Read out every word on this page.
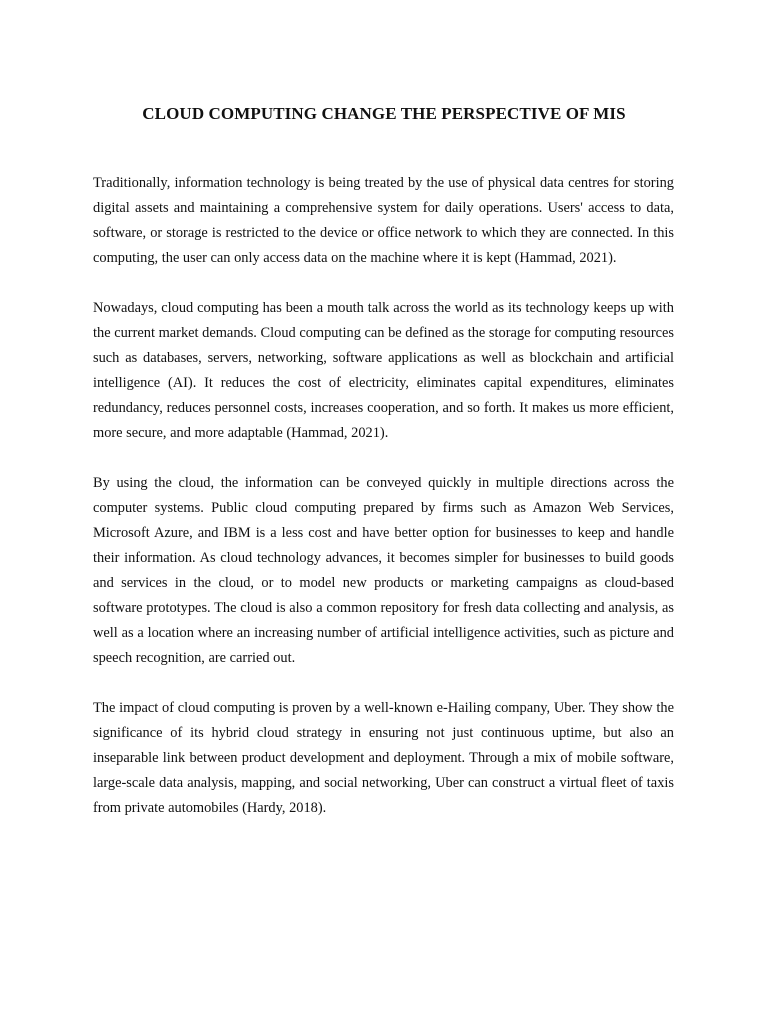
CLOUD COMPUTING CHANGE THE PERSPECTIVE OF MIS

Traditionally, information technology is being treated by the use of physical data centres for storing digital assets and maintaining a comprehensive system for daily operations. Users' access to data, software, or storage is restricted to the device or office network to which they are connected. In this computing, the user can only access data on the machine where it is kept (Hammad, 2021).

Nowadays, cloud computing has been a mouth talk across the world as its technology keeps up with the current market demands. Cloud computing can be defined as the storage for computing resources such as databases, servers, networking, software applications as well as blockchain and artificial intelligence (AI). It reduces the cost of electricity, eliminates capital expenditures, eliminates redundancy, reduces personnel costs, increases cooperation, and so forth. It makes us more efficient, more secure, and more adaptable (Hammad, 2021).

By using the cloud, the information can be conveyed quickly in multiple directions across the computer systems. Public cloud computing prepared by firms such as Amazon Web Services, Microsoft Azure, and IBM is a less cost and have better option for businesses to keep and handle their information. As cloud technology advances, it becomes simpler for businesses to build goods and services in the cloud, or to model new products or marketing campaigns as cloud-based software prototypes. The cloud is also a common repository for fresh data collecting and analysis, as well as a location where an increasing number of artificial intelligence activities, such as picture and speech recognition, are carried out.

The impact of cloud computing is proven by a well-known e-Hailing company, Uber. They show the significance of its hybrid cloud strategy in ensuring not just continuous uptime, but also an inseparable link between product development and deployment. Through a mix of mobile software, large-scale data analysis, mapping, and social networking, Uber can construct a virtual fleet of taxis from private automobiles (Hardy, 2018).
